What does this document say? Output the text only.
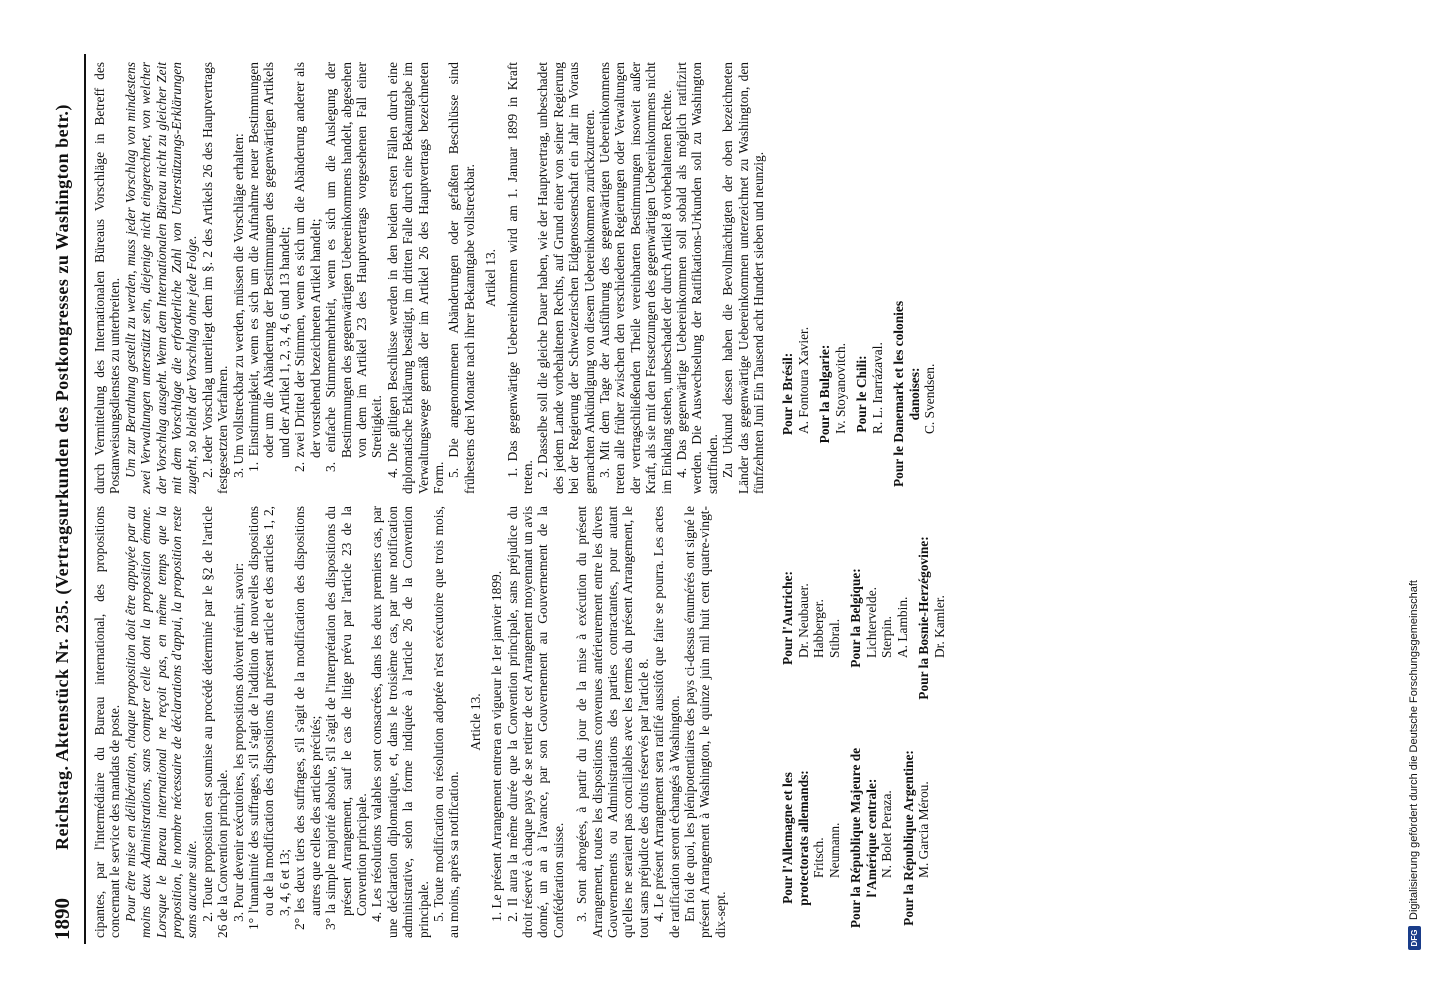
1890
Reichstag. Aktenstück Nr. 235. (Vertragsurkunden des Postkongresses zu Washington betr.) cipantes, par l'intermédiaire du Bureau international, des propositions concernant le service des mandats de poste. Pour être mise en délibération, chaque proposition doit être appuyée par au moins deux Administrations, sans compter celle dont la proposition émane. Lorsque le Bureau international ne reçoit pas, en même temps que la proposition, le nombre nécessaire de déclarations d'appui, la proposition reste sans aucune suite. 2. Toute proposition est soumise au procédé déterminé par le §2 de l'article 26 de la Convention principale. 3. Pour devenir exécutoires, les propositions doivent réunir, savoir: 1° l'unanimité des suffrages, s'il s'agit de l'addition de nouvelles dispositions ou de la modification des dispositions du présent article et des articles 1, 2, 3, 4, 6 et 13; 2° les deux tiers des suffrages, s'il s'agit de la modification des dispositions autres que celles des articles précités; 3° la simple majorité absolue, s'il s'agit de l'interprétation des dispositions du présent Arrangement, sauf le cas de litige prévu par l'article 23 de la Convention principale. 4. Les résolutions valables sont consacrées, dans les deux premiers cas, par une déclaration diplomatique, et, dans le troisième cas, par une notification administrative, selon la forme indiquée à l'article 26 de la Convention principale. 5. Toute modification ou résolution adoptée n'est exécutoire que trois mois, au moins, après sa notification.

Article 13. 1. Le présent Arrangement entrera en vigueur le 1er janvier 1899. 2. Il aura la même durée que la Convention principale, sans préjudice du droit réservé à chaque pays de se retirer de cet Arrangement moyennant un avis donné, un an à l'avance, par son Gouvernement au Gouvernement de la Confédération suisse. 3. Sont abrogées, à partir du jour de la mise à exécution du présent Arrangement, toutes les dispositions convenues antérieurement entre les divers Gouvernements ou Administrations des parties contractantes, pour autant qu'elles ne seraient pas conciliables avec les termes du présent Arrangement, le tout sans préjudice des droits réservés par l'article 8. 4. Le présent Arrangement sera ratifié aussitôt que faire se pourra. Les actes de ratification seront échangés à Washington. En foi de quoi, les plénipotentiaires des pays ci-dessus énumérés ont signé le présent Arrangement à Washington, le quinze juin mil huit cent quatre-vingt-dix-sept.

durch Vermittelung des Internationalen Büreaus Vorschläge in Betreff des Postanweisungsdienstes zu unterbreiten. Um zur Berathung gestellt zu werden, muss jeder Vorschlag von mindestens zwei Verwaltungen unterstützt sein, diejenige nicht eingerechnet, von welcher der Vorschlag ausgeht. Wenn dem Internationalen Büreau nicht zu gleicher Zeit mit dem Vorschlage die erforderliche Zahl von Unterstützungs-Erklärungen zugeht, so bleibt der Vorschlag ohne jede Folge. 2. Jeder Vorschlag unterliegt dem im §. 2 des Artikels 26 des Hauptvertrags festgesetzten Verfahren. 3. Um vollstreckbar zu werden, müssen die Vorschläge erhalten: 1. Einstimmigkeit, wenn es sich um die Aufnahme neuer Bestimmungen oder um die Abänderung der Bestimmungen des gegenwärtigen Artikels und der Artikel 1, 2, 3, 4, 6 und 13 handelt; 2. zwei Drittel der Stimmen, wenn es sich um die Abänderung anderer als der vorstehend bezeichneten Artikel handelt; 3. einfache Stimmenmehrheit, wenn es sich um die Auslegung der Bestimmungen des gegenwärtigen Uebereinkommens handelt, abgesehen von dem im Artikel 23 des Hauptvertrags vorgesehenen Fall einer Streitigkeit. 4. Die giltigen Beschlüsse werden in den beiden ersten Fällen durch eine diplomatische Erklärung bestätigt, im dritten Falle durch eine Bekanntgabe im Verwaltungswege gemäß der im Artikel 26 des Hauptvertrags bezeichneten Form. 5. Die angenommenen Abänderungen oder gefaßten Beschlüsse sind frühestens drei Monate nach ihrer Bekanntgabe vollstreckbar. Artikel 13. 1. Das gegenwärtige Uebereinkommen wird am 1. Januar 1899 in Kraft treten. 2. Dasselbe soll die gleiche Dauer haben, wie der Hauptvertrag, unbeschadet des jedem Lande vorbehaltenen Rechts, auf Grund einer von seiner Regierung bei der Regierung der Schweizerischen Eidgenossenschaft ein Jahr im Voraus gemachten Ankündigung von diesem Uebereinkommen zurückzutreten. 3. Mit dem Tage der Ausführung des gegenwärtigen Uebereinkommens treten alle früher zwischen den verschiedenen Regierungen oder Verwaltungen der vertragschließenden Theile vereinbarten Bestimmungen insoweit außer Kraft, als sie mit den Festsetzungen des gegenwärtigen Uebereinkommens nicht im Einklang stehen, unbeschadet der durch Artikel 8 vorbehaltenen Rechte. 4. Das gegenwärtige Uebereinkommen soll sobald als möglich ratifizirt werden. Die Auswechselung der Ratifikations-Urkunden soll zu Washington stattfinden. Zu Urkund dessen haben die Bevollmächtigten der oben bezeichneten Länder das gegenwärtige Uebereinkommen unterzeichnet zu Washington, den fünfzehnten Juni Ein Tausend acht Hundert sieben und neunzig.

Pour l'Allemagne et les protectorats allemands: Fritsch. Neumann. Pour la République Majeure de l'Amérique centrale: N. Bolet Peraza. Pour la République Argentine: M. Garcia Mérou.
Pour l'Autriche: Dr. Neubauer. Habberger. Stibral. Pour la Belgique: Lichtervelde. Sterpin. A. Lambin. Pour la Bosnie-Herzégovine: Dr. Kamler.
Pour le Brésil: A. Fontoura Xavier. Pour la Bulgarie: Iv. Stoyanovitch. Pour le Chili: R. L. Irarrázaval. Pour le Danemark et les colonies danoises: C. Svendsen.
DFG
Digitalisierung gefördert durch die Deutsche Forschungsgemeinschaft
